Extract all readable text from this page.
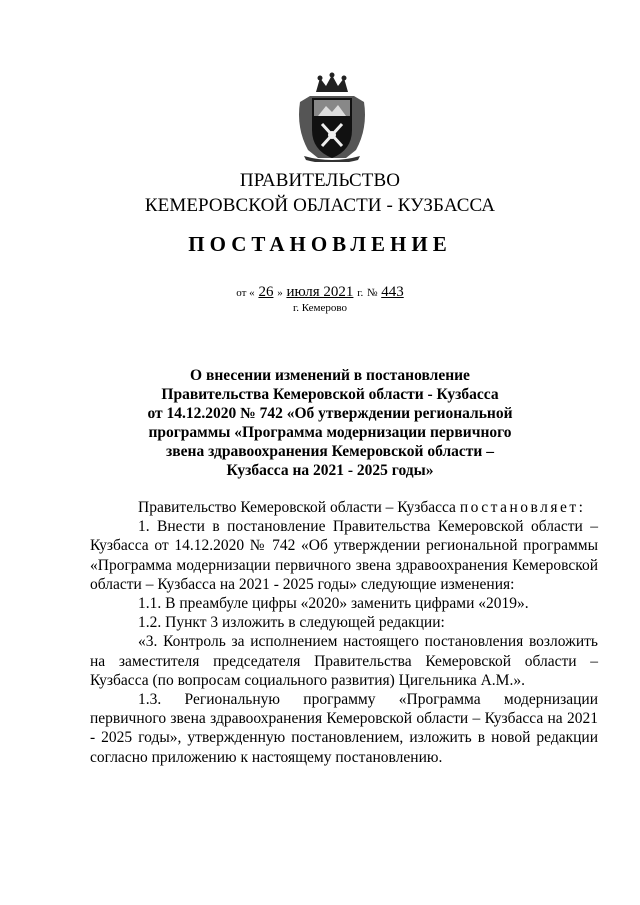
ПРАВИТЕЛЬСТВО
КЕМЕРОВСКОЙ ОБЛАСТИ - КУЗБАССА
ПОСТАНОВЛЕНИЕ
от « 26 » июля 2021 г. № 443
г. Кемерово
О внесении изменений в постановление
Правительства Кемеровской области - Кузбасса
от 14.12.2020 № 742 «Об утверждении региональной
программы «Программа модернизации первичного
звена здравоохранения Кемеровской области –
Кузбасса на 2021 - 2025 годы»

Правительство Кемеровской области – Кузбасса постановляет:

1. Внести в постановление Правительства Кемеровской области – Кузбасса от 14.12.2020 № 742 «Об утверждении региональной программы «Программа модернизации первичного звена здравоохранения Кемеровской области – Кузбасса на 2021 - 2025 годы» следующие изменения:

1.1. В преамбуле цифры «2020» заменить цифрами «2019».

1.2. Пункт 3 изложить в следующей редакции:

«3. Контроль за исполнением настоящего постановления возложить на заместителя председателя Правительства Кемеровской области – Кузбасса (по вопросам социального развития) Цигельника А.М.».

1.3. Региональную программу «Программа модернизации первичного звена здравоохранения Кемеровской области – Кузбасса на 2021 - 2025 годы», утвержденную постановлением, изложить в новой редакции согласно приложению к настоящему постановлению.
